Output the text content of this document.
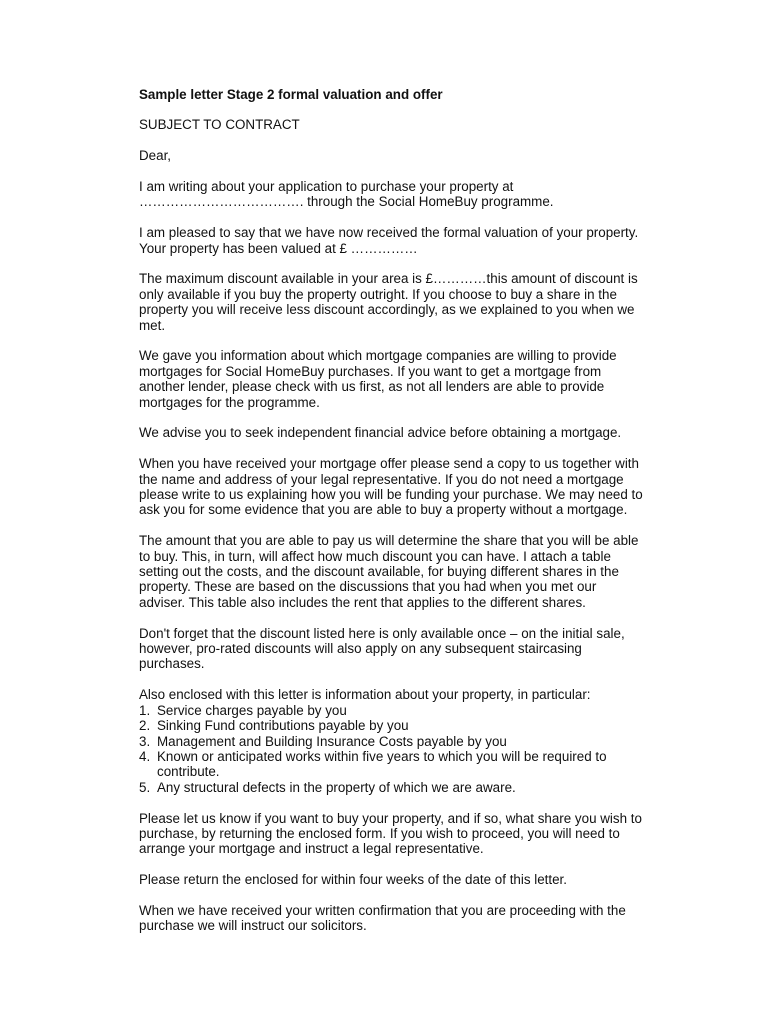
Sample letter Stage 2 formal valuation and offer
SUBJECT TO CONTRACT
Dear,
I am writing about your application to purchase your property at
………………………………. through the Social HomeBuy programme.
I am pleased to say that we have now received the formal valuation of your property.
Your property has been valued at £ ……………
The maximum discount available in your area is £…………this amount of discount is
only available if you buy the property outright. If you choose to buy a share in the
property you will receive less discount accordingly, as we explained to you when we
met.
We gave you information about which mortgage companies are willing to provide
mortgages for Social HomeBuy purchases. If you want to get a mortgage from
another lender, please check with us first, as not all lenders are able to provide
mortgages for the programme.
We advise you to seek independent financial advice before obtaining a mortgage.
When you have received your mortgage offer please send a copy to us together with
the name and address of your legal representative. If you do not need a mortgage
please write to us explaining how you will be funding your purchase. We may need to
ask you for some evidence that you are able to buy a property without a mortgage.
The amount that you are able to pay us will determine the share that you will be able
to buy. This, in turn, will affect how much discount you can have. I attach a table
setting out the costs, and the discount available, for buying different shares in the
property. These are based on the discussions that you had when you met our
adviser. This table also includes the rent that applies to the different shares.
Don't forget that the discount listed here is only available once – on the initial sale,
however, pro-rated discounts will also apply on any subsequent staircasing
purchases.
Also enclosed with this letter is information about your property, in particular:
1. Service charges payable by you
2. Sinking Fund contributions payable by you
3. Management and Building Insurance Costs payable by you
4. Known or anticipated works within five years to which you will be required to
contribute.
5. Any structural defects in the property of which we are aware.
Please let us know if you want to buy your property, and if so, what share you wish to
purchase, by returning the enclosed form. If you wish to proceed, you will need to
arrange your mortgage and instruct a legal representative.
Please return the enclosed for within four weeks of the date of this letter.
When we have received your written confirmation that you are proceeding with the
purchase we will instruct our solicitors.
